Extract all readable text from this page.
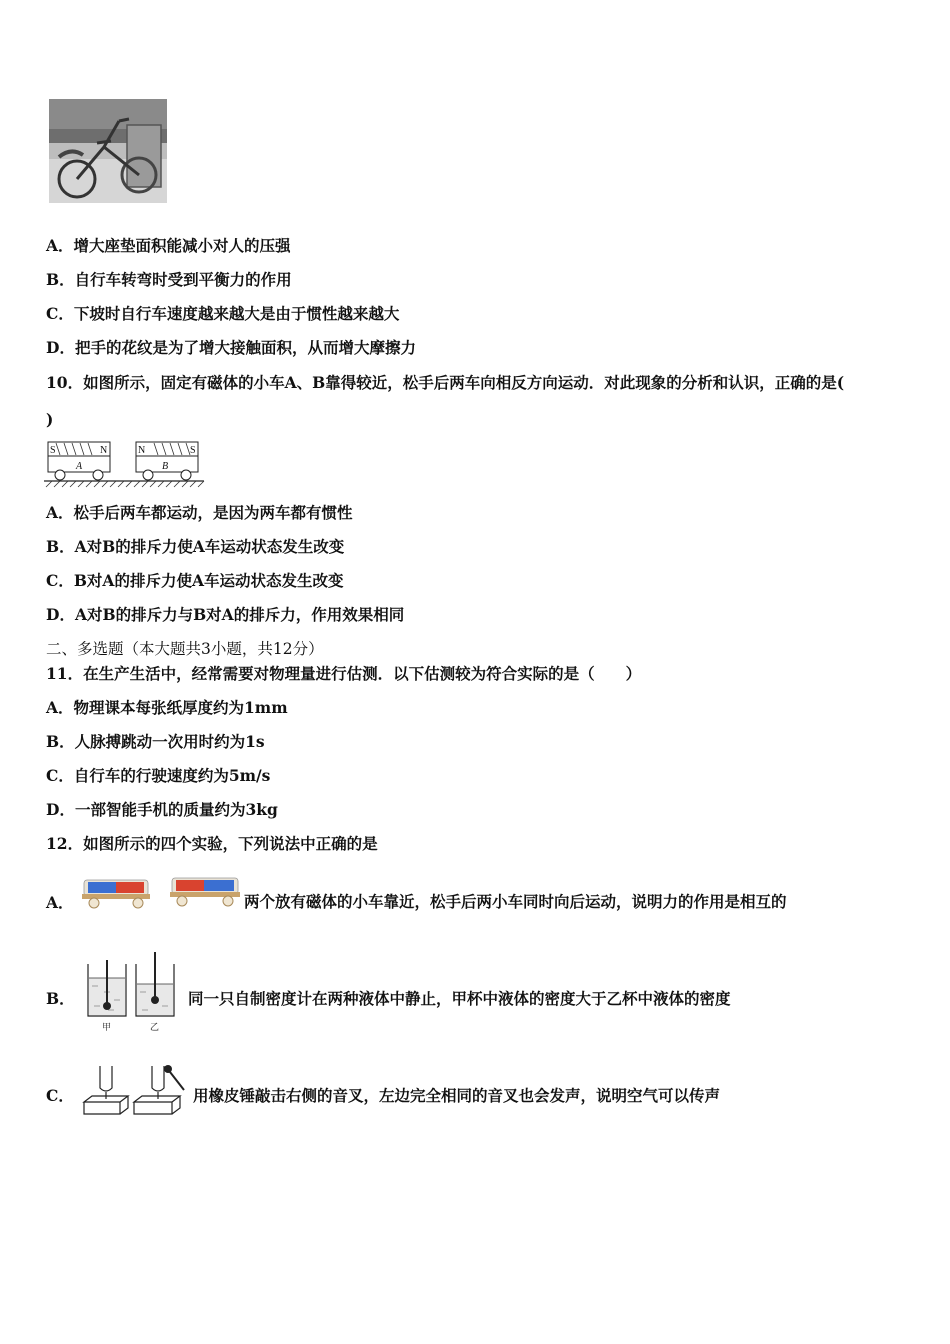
A．增大座垫面积能减小对人的压强
B．自行车转弯时受到平衡力的作用
C．下坡时自行车速度越来越大是由于惯性越来越大
D．把手的花纹是为了增大接触面积，从而增大摩擦力
10．如图所示，固定有磁体的小车A、B靠得较近，松手后两车向相反方向运动．对此现象的分析和认识，正确的是(
)
S	N
A
N	S
B
A．松手后两车都运动，是因为两车都有惯性
B．A对B的排斥力使A车运动状态发生改变
C．B对A的排斥力使A车运动状态发生改变
D．A对B的排斥力与B对A的排斥力，作用效果相同
二、多选题（本大题共3小题，共12分）
11．在生产生活中，经常需要对物理量进行估测．以下估测较为符合实际的是（　　）
A．物理课本每张纸厚度约为1mm
B．人脉搏跳动一次用时约为1s
C．自行车的行驶速度约为5m/s
D．一部智能手机的质量约为3kg
12．如图所示的四个实验，下列说法中正确的是
A．	两个放有磁体的小车靠近，松手后两小车同时向后运动，说明力的作用是相互的
B．
甲	乙
同一只自制密度计在两种液体中静止，甲杯中液体的密度大于乙杯中液体的密度
C．	用橡皮锤敲击右侧的音叉，左边完全相同的音叉也会发声，说明空气可以传声
